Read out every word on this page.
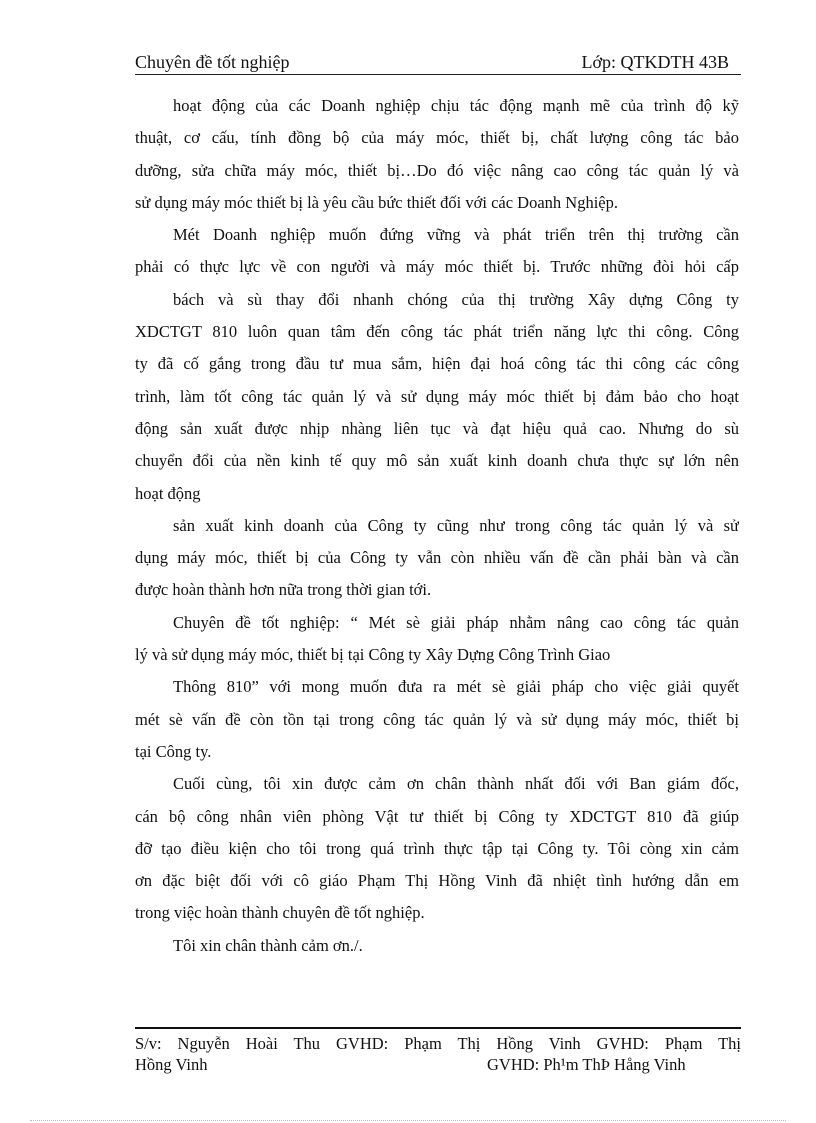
Chuyên đề tốt nghiệp	Lớp: QTKDTH 43B
hoạt động của các Doanh nghiệp chịu tác động mạnh mẽ của trình độ kỹ
thuật, cơ cấu, tính đồng bộ của máy móc, thiết bị, chất lượng công tác bảo
dưỡng, sửa chữa máy móc, thiết bị…Do đó việc nâng cao công tác quản lý và
sử dụng máy móc thiết bị là yêu cầu bức thiết đối với các Doanh Nghiệp.
Mét Doanh nghiệp muốn đứng vững và phát triển trên thị trường cần
phải có thực lực về con người và máy móc thiết bị. Trước những đòi hỏi cấp
bách và sù thay đổi nhanh chóng của thị trường Xây dựng Công ty
XDCTGT 810 luôn quan tâm đến công tác phát triển năng lực thi công. Công
ty đã cố gắng trong đầu tư mua sắm, hiện đại hoá công tác thi công các công
trình, làm tốt công tác quản lý và sử dụng máy móc thiết bị đảm bảo cho hoạt
động sản xuất được nhịp nhàng liên tục và đạt hiệu quả cao. Nhưng do sù
chuyển đổi của nền kinh tế quy mô sản xuất kinh doanh chưa thực sự lớn nên
hoạt động
sản xuất kinh doanh của Công ty cũng như trong công tác quản lý và sử
dụng máy móc, thiết bị của Công ty vẫn còn nhiều vấn đề cần phải bàn và cần
được hoàn thành hơn nữa trong thời gian tới.
Chuyên đề tốt nghiệp: “ Mét sè giải pháp nhằm nâng cao công tác quản
lý và sử dụng máy móc, thiết bị tại Công ty Xây Dựng Công Trình Giao
Thông 810” với mong muốn đưa ra mét sè giải pháp cho việc giải quyết
mét sè vấn đề còn tồn tại trong công tác quản lý và sử dụng máy móc, thiết bị
tại Công ty.
Cuối cùng, tôi xin được cảm ơn chân thành nhất đối với Ban giám đốc,
cán bộ công nhân viên phòng Vật tư thiết bị Công ty XDCTGT 810 đã giúp
đỡ tạo điều kiện cho tôi trong quá trình thực tập tại Công ty. Tôi còng xin cảm
ơn đặc biệt đối với cô giáo Phạm Thị Hồng Vinh đã nhiệt tình hướng dẫn em
trong việc hoàn thành chuyên đề tốt nghiệp.
Tôi xin chân thành cảm ơn./.
S/v: Nguyễn Hoài Thu GVHD: Phạm Thị Hồng Vinh GVHD: Phạm Thị
Hồng Vinh	GVHD: Ph¹m ThÞ Hång Vinh
